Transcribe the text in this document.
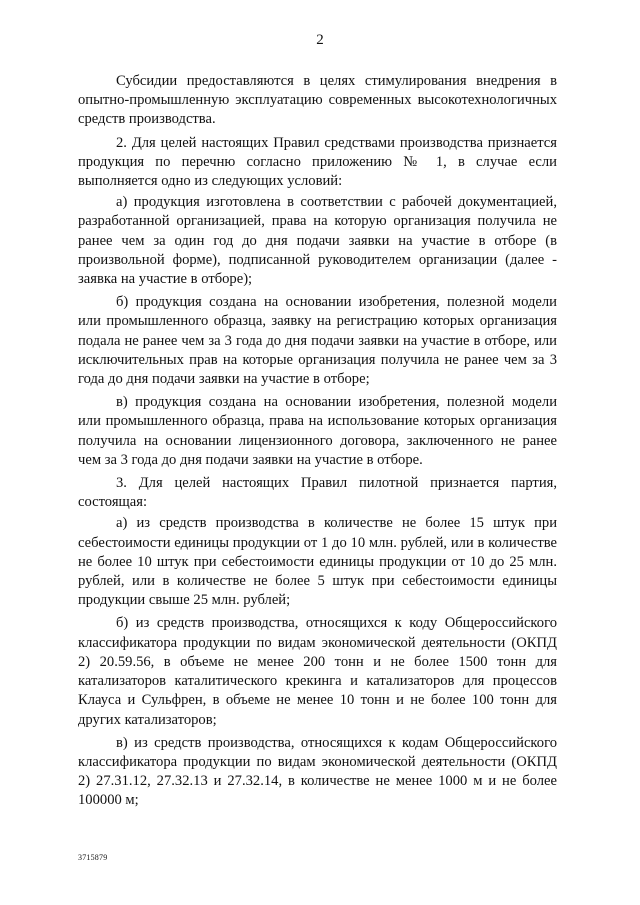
2

Субсидии предоставляются в целях стимулирования внедрения в опытно-промышленную эксплуатацию современных высокотехнологичных средств производства.

2. Для целей настоящих Правил средствами производства признается продукция по перечню согласно приложению № 1, в случае если выполняется одно из следующих условий:

а) продукция изготовлена в соответствии с рабочей документацией, разработанной организацией, права на которую организация получила не ранее чем за один год до дня подачи заявки на участие в отборе (в произвольной форме), подписанной руководителем организации (далее - заявка на участие в отборе);

б) продукция создана на основании изобретения, полезной модели или промышленного образца, заявку на регистрацию которых организация подала не ранее чем за 3 года до дня подачи заявки на участие в отборе, или исключительных прав на которые организация получила не ранее чем за 3 года до дня подачи заявки на участие в отборе;

в) продукция создана на основании изобретения, полезной модели или промышленного образца, права на использование которых организация получила на основании лицензионного договора, заключенного не ранее чем за 3 года до дня подачи заявки на участие в отборе.

3. Для целей настоящих Правил пилотной признается партия, состоящая:

а) из средств производства в количестве не более 15 штук при себестоимости единицы продукции от 1 до 10 млн. рублей, или в количестве не более 10 штук при себестоимости единицы продукции от 10 до 25 млн. рублей, или в количестве не более 5 штук при себестоимости единицы продукции свыше 25 млн. рублей;

б) из средств производства, относящихся к коду Общероссийского классификатора продукции по видам экономической деятельности (ОКПД 2) 20.59.56, в объеме не менее 200 тонн и не более 1500 тонн для катализаторов каталитического крекинга и катализаторов для процессов Клауса и Сульфрен, в объеме не менее 10 тонн и не более 100 тонн для других катализаторов;

в) из средств производства, относящихся к кодам Общероссийского классификатора продукции по видам экономической деятельности (ОКПД 2) 27.31.12, 27.32.13 и 27.32.14, в количестве не менее 1000 м и не более 100000 м;

3715879
